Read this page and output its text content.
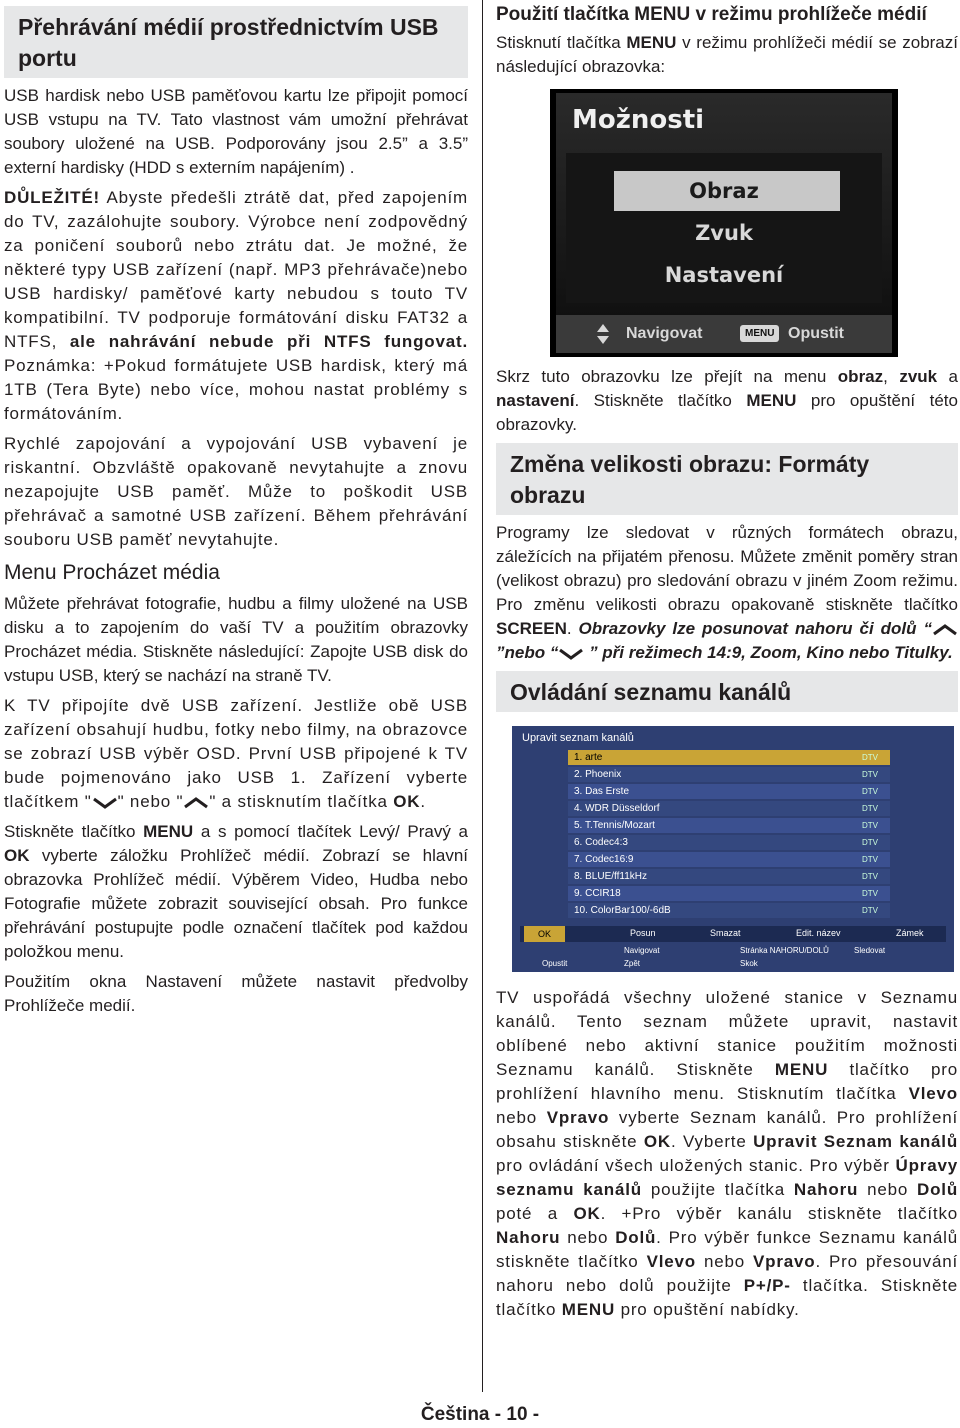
Přehrávání médií prostřednictvím USB portu

USB hardisk nebo USB paměťovou kartu lze připojit pomocí USB vstupu na TV. Tato vlastnost vám umožní přehrávat soubory uložené na USB. Podporovány jsou 2.5” a 3.5” externí hardisky (HDD s externím napájením) .

DŮLEŽITÉ! Abyste předešli ztrátě dat, před zapojením do TV, zazálohujte soubory. Výrobce není zodpovědný za poničení souborů nebo ztrátu dat. Je možné, že některé typy USB zařízení (např. MP3 přehrávače)nebo USB hardisky/ paměťové karty nebudou s touto TV kompatibilní. TV podporuje formátování disku FAT32 a NTFS, ale nahrávání nebude při NTFS fungovat. Poznámka: +Pokud formátujete USB hardisk, který má 1TB (Tera Byte) nebo více, mohou nastat problémy s formátováním.

Rychlé zapojování a vypojování USB vybavení je riskantní. Obzvláště opakovaně nevytahujte a znovu nezapojujte USB paměť. Může to poškodit USB přehrávač a samotné USB zařízení. Během přehrávání souboru USB paměť nevytahujte.

Menu Procházet média

Můžete přehrávat fotografie, hudbu a filmy uložené na USB disku a to zapojením do vaší TV a použitím obrazovky Procházet média. Stiskněte následující: Zapojte USB disk do vstupu USB, který se nachází na straně TV.

K TV připojíte dvě USB zařízení. Jestliže obě USB zařízení obsahují hudbu, fotky nebo filmy, na obrazovce se zobrazí USB výběr OSD. První USB připojené k TV bude pojmenováno jako USB 1. Zařízení vyberte tlačítkem " " nebo " " a stisknutím tlačítka OK.

Stiskněte tlačítko MENU a s pomocí tlačítek Levý/ Pravý a OK vyberte záložku Prohlížeč médií. Zobrazí se hlavní obrazovka Prohlížeč médií. Výběrem Video, Hudba nebo Fotografie můžete zobrazit související obsah. Pro funkce přehrávání postupujte podle označení tlačítek pod každou položkou menu.

Použitím okna Nastavení můžete nastavit předvolby Prohlížeče medií.

Použití tlačítka MENU v režimu prohlížeče médií

Stisknutí tlačítka MENU v režimu prohlížeči médií se zobrazí následující obrazovka:

Možnosti
Obraz
Zvuk
Nastavení
Navigovat	MENU Opustit

Skrz tuto obrazovku lze přejít na menu obraz, zvuk a nastavení. Stiskněte tlačítko MENU pro opuštění této obrazovky.

Změna velikosti obrazu: Formáty obrazu

Programy lze sledovat v různých formátech obrazu, záležících na přijatém přenosu. Můžete změnit poměry stran (velikost obrazu) pro sledování obrazu v jiném Zoom režimu. Pro změnu velikosti obrazu opakovaně stiskněte tlačítko SCREEN. Obrazovky lze posunovat nahoru či dolů “”nebo “ ” při režimech 14:9, Zoom, Kino nebo Titulky.

Ovládání seznamu kanálů
Upravit seznam kanálů
1. arte	DTV
2. Phoenix	DTV
3. Das Erste	DTV
4. WDR Düsseldorf	DTV
5. T.Tennis/Mozart	DTV
6. Codec4:3	DTV
7. Codec16:9	DTV
8. BLUE/ff11kHz	DTV
9. CCIR18	DTV
10. ColorBar100/-6dB	DTV
OK	Posun	Smazat	Edit. název	Zámek
Navigovat	Stránka NAHORU/DOLŮ	Sledovat
Opustit	Zpět	Skok

TV uspořádá všechny uložené stanice v Seznamu kanálů. Tento seznam můžete upravit, nastavit oblíbené nebo aktivní stanice použitím možnosti Seznamu kanálů. Stiskněte MENU tlačítko pro prohlížení hlavního menu. Stisknutím tlačítka Vlevo nebo Vpravo vyberte Seznam kanálů. Pro prohlížení obsahu stiskněte OK. Vyberte Upravit Seznam kanálů pro ovládání všech uložených stanic. Pro výběr Úpravy seznamu kanálů použijte tlačítka Nahoru nebo Dolů poté a OK. +Pro výběr kanálu stiskněte tlačítko Nahoru nebo Dolů. Pro výběr funkce Seznamu kanálů stiskněte tlačítko Vlevo nebo Vpravo. Pro přesouvání nahoru nebo dolů použijte P+/P- tlačítka. Stiskněte tlačítko MENU pro opuštění nabídky.

Čeština - 10 -
